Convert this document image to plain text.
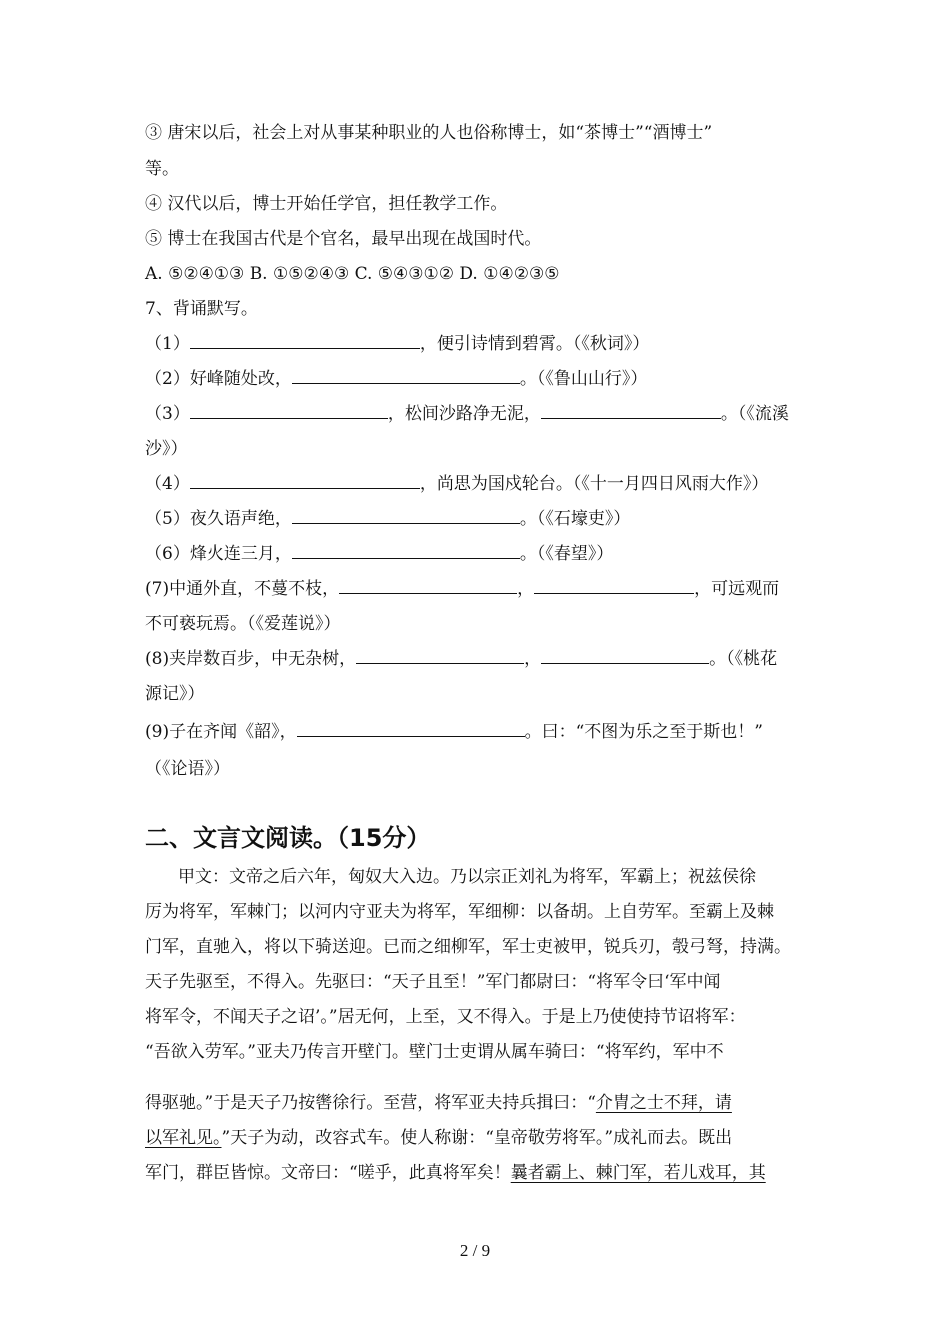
③ 唐宋以后，社会上对从事某种职业的人也俗称博士，如“茶博士”“酒博士”
等。
④ 汉代以后，博士开始任学官，担任教学工作。
⑤ 博士在我国古代是个官名，最早出现在战国时代。
A. ⑤②④①③ B. ①⑤②④③ C. ⑤④③①② D. ①④②③⑤
7、背诵默写。
（1）	，便引诗情到碧霄。（《秋词》）
（2）好峰随处改，	。（《鲁山山行》）
（3）	，松间沙路净无泥，	。（《流溪
沙》）
（4）	，尚思为国戍轮台。（《十一月四日风雨大作》）
（5）夜久语声绝，	。（《石壕吏》）
（6）烽火连三月，	。（《春望》）
(7)中通外直，不蔓不枝，	，	，可远观而
不可亵玩焉。（《爱莲说》）
(8)夹岸数百步，中无杂树，	，	。（《桃花
源记》）
(9)子在齐闻《韶》，	。曰：“不图为乐之至于斯也！”
（《论语》）
二、文言文阅读。（15分）
甲文：文帝之后六年，匈奴大入边。乃以宗正刘礼为将军，军霸上；祝兹侯徐
厉为将军，军棘门；以河内守亚夫为将军，军细柳：以备胡。上自劳军。至霸上及棘
门军，直驰入，将以下骑送迎。已而之细柳军，军士吏被甲，锐兵刃，彀弓弩，持满。
天子先驱至，不得入。先驱曰：“天子且至！”军门都尉曰：“将军令曰‘军中闻
将军令，不闻天子之诏’。”居无何，上至，又不得入。于是上乃使使持节诏将军：
“吾欲入劳军。”亚夫乃传言开壁门。壁门士吏谓从属车骑曰：“将军约，军中不
得驱驰。”于是天子乃按辔徐行。至营，将军亚夫持兵揖曰：“介胄之士不拜，请
以军礼见。”天子为动，改容式车。使人称谢：“皇帝敬劳将军。”成礼而去。既出
军门，群臣皆惊。文帝曰：“嗟乎，此真将军矣！曩者霸上、棘门军，若儿戏耳，其
2 / 9
